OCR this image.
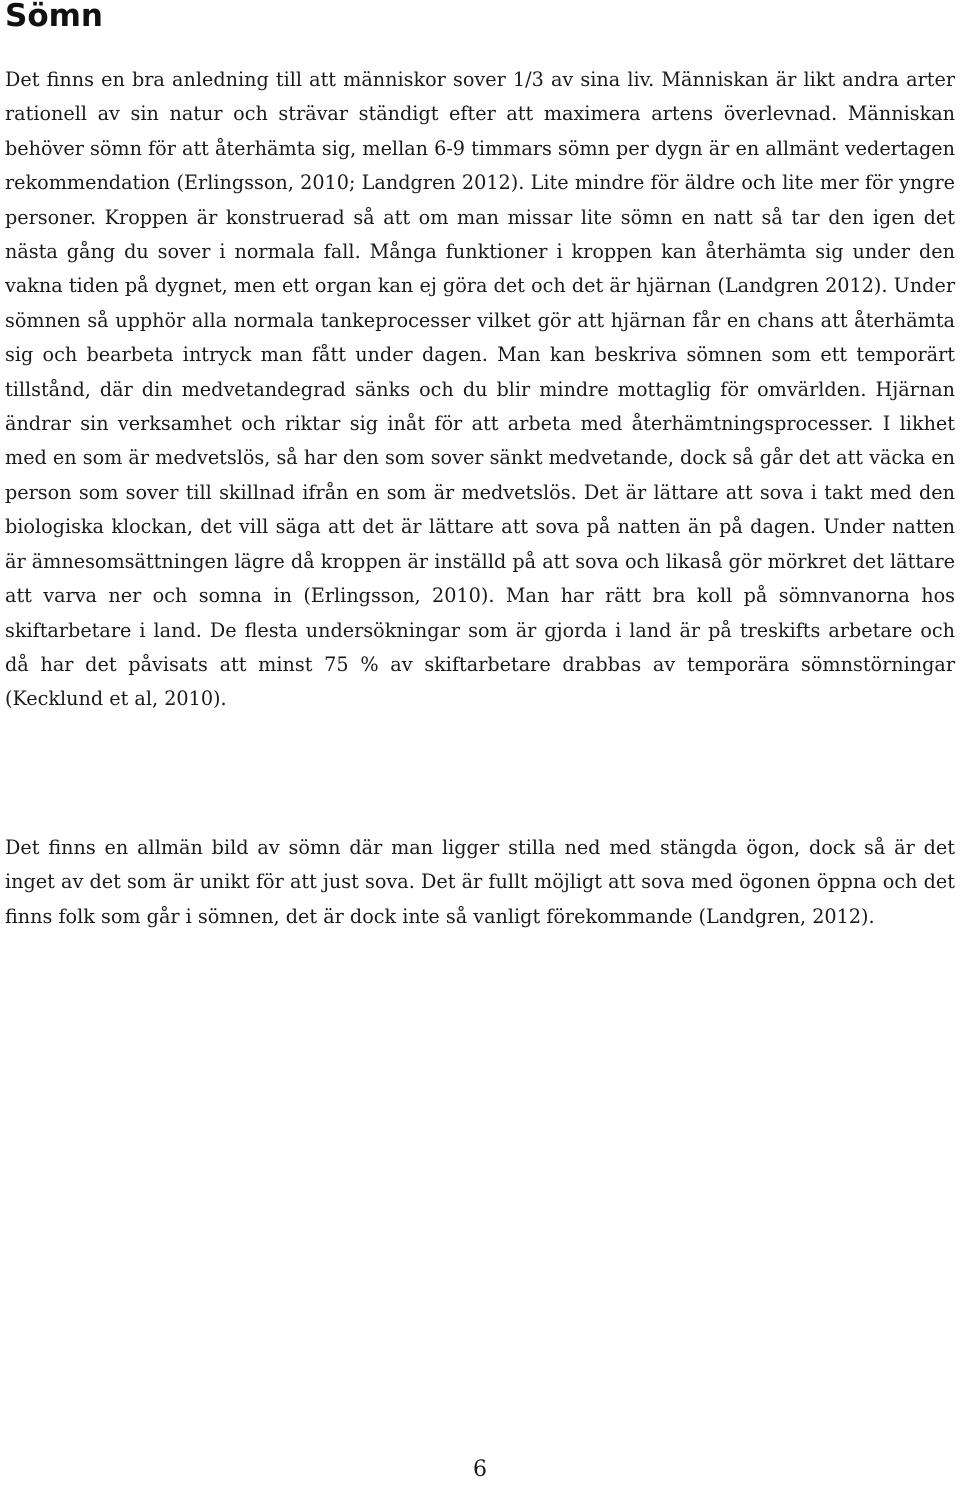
Sömn

Det finns en bra anledning till att människor sover 1/3 av sina liv. Människan är likt andra arter rationell av sin natur och strävar ständigt efter att maximera artens överlevnad. Människan behöver sömn för att återhämta sig, mellan 6-9 timmars sömn per dygn är en allmänt vedertagen rekommendation (Erlingsson, 2010; Landgren 2012). Lite mindre för äldre och lite mer för yngre personer. Kroppen är konstruerad så att om man missar lite sömn en natt så tar den igen det nästa gång du sover i normala fall. Många funktioner i kroppen kan återhämta sig under den vakna tiden på dygnet, men ett organ kan ej göra det och det är hjärnan (Landgren 2012). Under sömnen så upphör alla normala tankeprocesser vilket gör att hjärnan får en chans att återhämta sig och bearbeta intryck man fått under dagen. Man kan beskriva sömnen som ett temporärt tillstånd, där din medvetandegrad sänks och du blir mindre mottaglig för omvärlden. Hjärnan ändrar sin verksamhet och riktar sig inåt för att arbeta med återhämtningsprocesser. I likhet med en som är medvetslös, så har den som sover sänkt medvetande, dock så går det att väcka en person som sover till skillnad ifrån en som är medvetslös. Det är lättare att sova i takt med den biologiska klockan, det vill säga att det är lättare att sova på natten än på dagen. Under natten är ämnesomsättningen lägre då kroppen är inställd på att sova och likaså gör mörkret det lättare att varva ner och somna in (Erlingsson, 2010). Man har rätt bra koll på sömnvanorna hos skiftarbetare i land. De flesta undersökningar som är gjorda i land är på treskifts arbetare och då har det påvisats att minst 75 % av skiftarbetare drabbas av temporära sömnstörningar (Kecklund et al, 2010).

Det finns en allmän bild av sömn där man ligger stilla ned med stängda ögon, dock så är det inget av det som är unikt för att just sova. Det är fullt möjligt att sova med ögonen öppna och det finns folk som går i sömnen, det är dock inte så vanligt förekommande (Landgren, 2012).

6
